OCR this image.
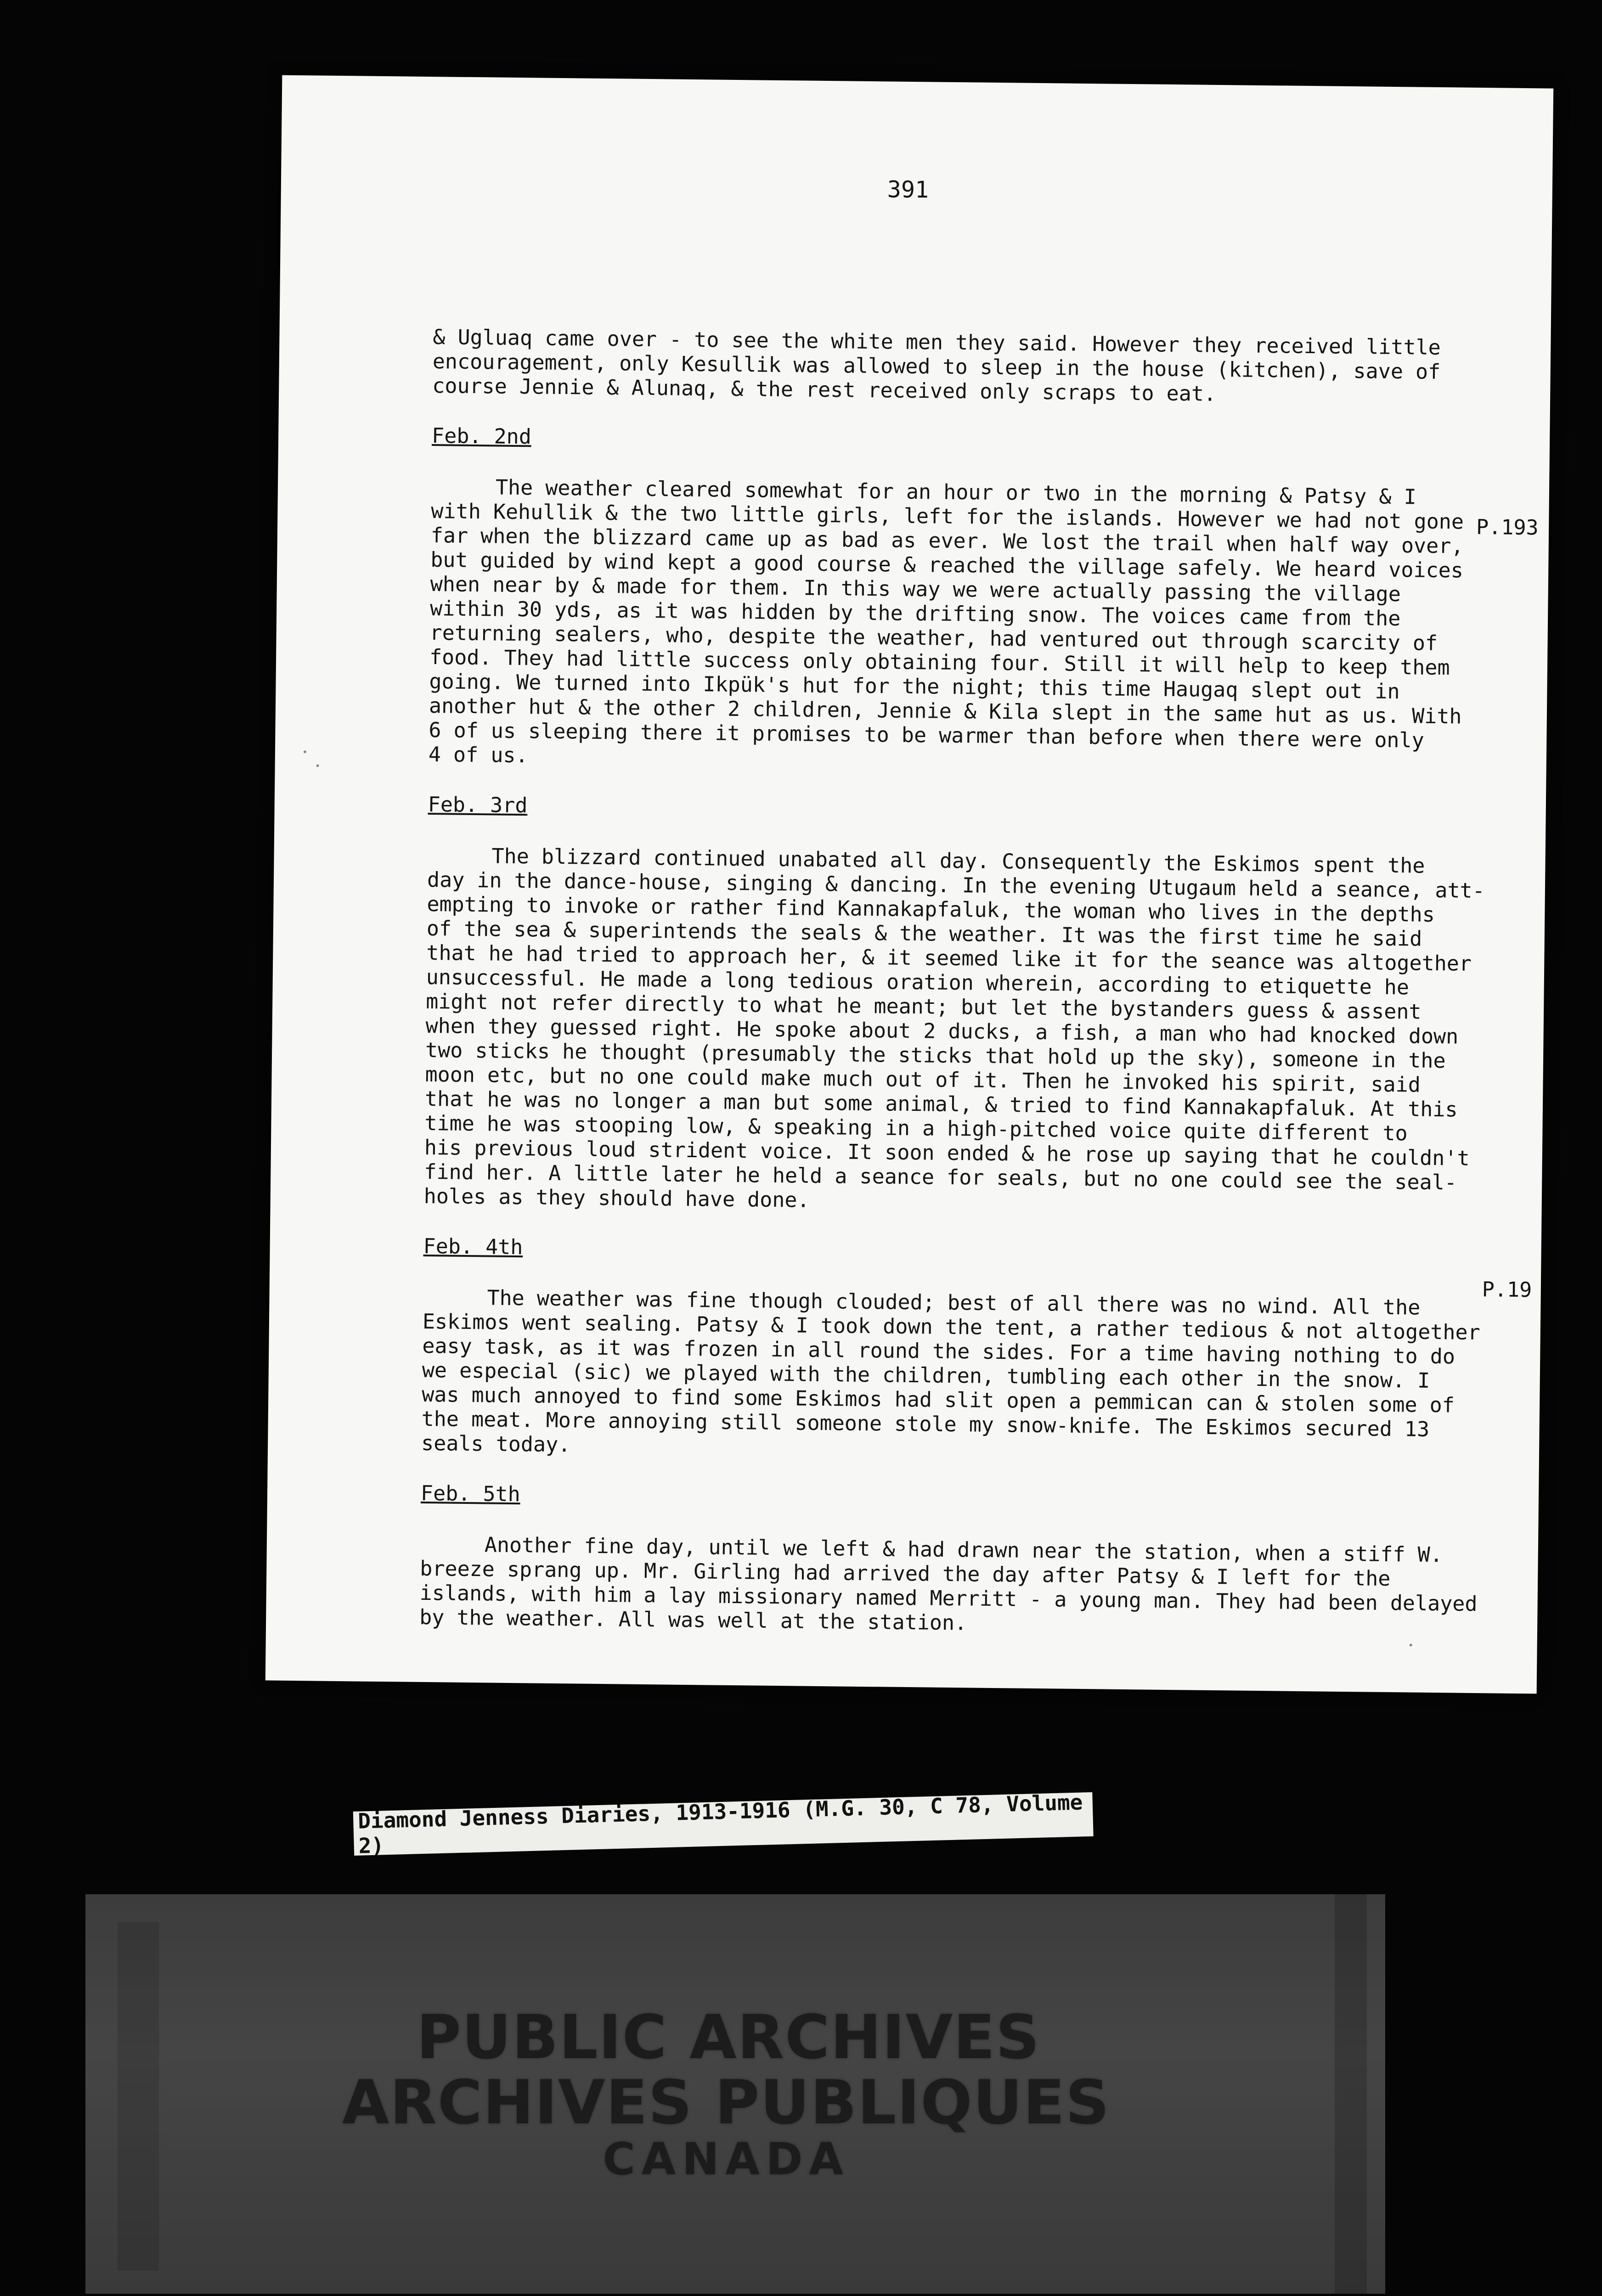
391

& Ugluaq came over - to see the white men they said. However they received little
encouragement, only Kesullik was allowed to sleep in the house (kitchen), save of
course Jennie & Alunaq, & the rest received only scraps to eat.

Feb. 2nd

The weather cleared somewhat for an hour or two in the morning & Patsy & I
with Kehullik & the two little girls, left for the islands. However we had not gone
far when the blizzard came up as bad as ever. We lost the trail when half way over,
but guided by wind kept a good course & reached the village safely. We heard voices
when near by & made for them. In this way we were actually passing the village
within 30 yds, as it was hidden by the drifting snow. The voices came from the
returning sealers, who, despite the weather, had ventured out through scarcity of
food. They had little success only obtaining four. Still it will help to keep them
going. We turned into Ikpük's hut for the night; this time Haugaq slept out in
another hut & the other 2 children, Jennie & Kila slept in the same hut as us. With
6 of us sleeping there it promises to be warmer than before when there were only
4 of us.

Feb. 3rd

The blizzard continued unabated all day. Consequently the Eskimos spent the
day in the dance-house, singing & dancing. In the evening Utugaum held a seance, att-
empting to invoke or rather find Kannakapfaluk, the woman who lives in the depths
of the sea & superintends the seals & the weather. It was the first time he said
that he had tried to approach her, & it seemed like it for the seance was altogether
unsuccessful. He made a long tedious oration wherein, according to etiquette he
might not refer directly to what he meant; but let the bystanders guess & assent
when they guessed right. He spoke about 2 ducks, a fish, a man who had knocked down
two sticks he thought (presumably the sticks that hold up the sky), someone in the
moon etc, but no one could make much out of it. Then he invoked his spirit, said
that he was no longer a man but some animal, & tried to find Kannakapfaluk. At this
time he was stooping low, & speaking in a high-pitched voice quite different to
his previous loud strident voice. It soon ended & he rose up saying that he couldn't
find her. A little later he held a seance for seals, but no one could see the seal-
holes as they should have done.

Feb. 4th

The weather was fine though clouded; best of all there was no wind. All the
Eskimos went sealing. Patsy & I took down the tent, a rather tedious & not altogether
easy task, as it was frozen in all round the sides. For a time having nothing to do
we especial (sic) we played with the children, tumbling each other in the snow. I
was much annoyed to find some Eskimos had slit open a pemmican can & stolen some of
the meat. More annoying still someone stole my snow-knife. The Eskimos secured 13
seals today.

Feb. 5th

Another fine day, until we left & had drawn near the station, when a stiff W.
breeze sprang up. Mr. Girling had arrived the day after Patsy & I left for the
islands, with him a lay missionary named Merritt - a young man. They had been delayed
by the weather. All was well at the station.

P.193
P.19
Diamond Jenness Diaries, 1913-1916 (M.G. 30, C 78, Volume 2)
PUBLIC ARCHIVES
ARCHIVES PUBLIQUES
CANADA
